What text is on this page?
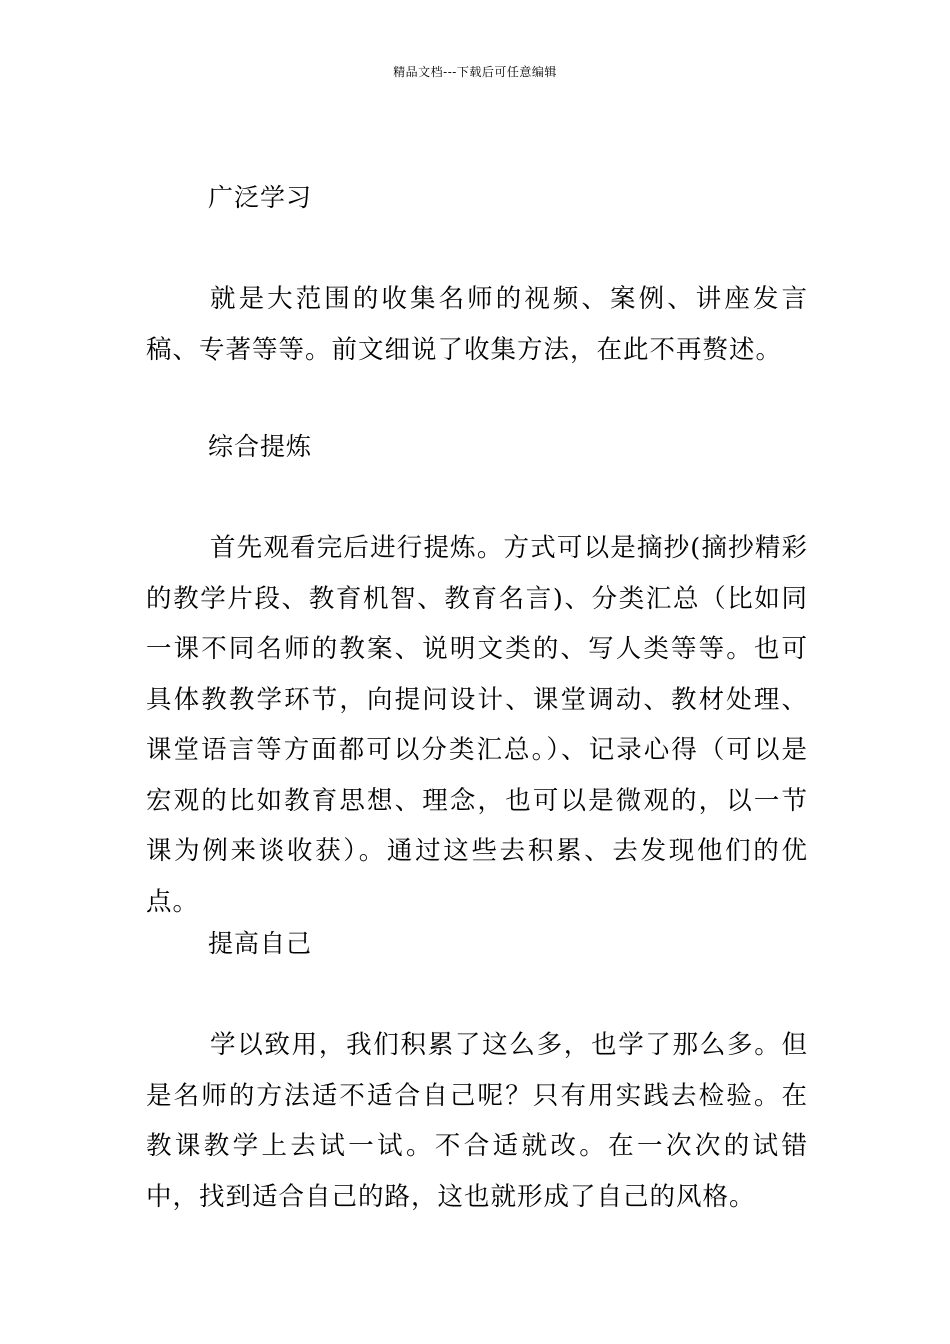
精品文档---下载后可任意编辑
广泛学习
就是大范围的收集名师的视频、案例、讲座发言稿、专著等等。前文细说了收集方法，在此不再赘述。
综合提炼
首先观看完后进行提炼。方式可以是摘抄(摘抄精彩的教学片段、教育机智、教育名言)、分类汇总（比如同一课不同名师的教案、说明文类的、写人类等等。也可具体教教学环节，向提问设计、课堂调动、教材处理、课堂语言等方面都可以分类汇总。）、记录心得（可以是宏观的比如教育思想、理念，也可以是微观的，以一节课为例来谈收获）。通过这些去积累、去发现他们的优点。
提高自己
学以致用，我们积累了这么多，也学了那么多。但是名师的方法适不适合自己呢？只有用实践去检验。在教课教学上去试一试。不合适就改。在一次次的试错中，找到适合自己的路，这也就形成了自己的风格。
